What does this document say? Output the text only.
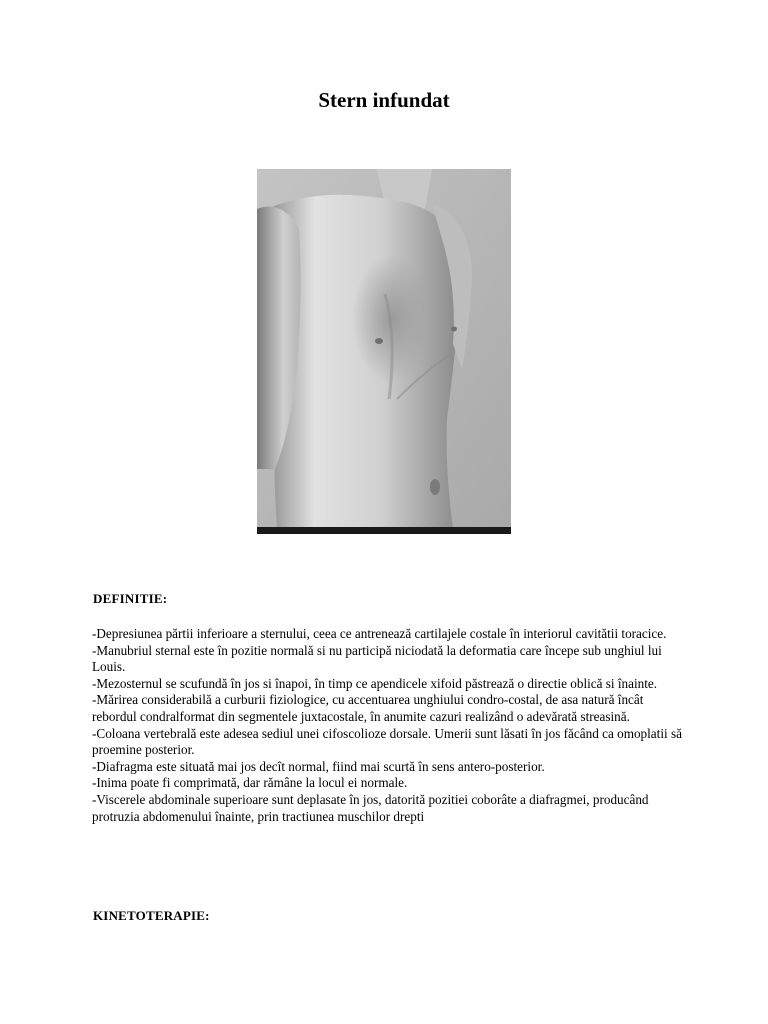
Stern infundat
DEFINITIE:

-Depresiunea părtii inferioare a sternului, ceea ce antrenează cartilajele costale în interiorul cavitătii toracice.

-Manubriul sternal este în pozitie normală si nu participă niciodată la deformatia care începe sub unghiul lui Louis.

-Mezosternul se scufundă în jos si înapoi, în timp ce apendicele xifoid păstrează o directie oblică si înainte.

-Mărirea considerabilă a curburii fiziologice, cu accentuarea unghiului condro-costal, de asa natură încât rebordul condralformat din segmentele juxtacostale, în anumite cazuri realizând o adevărată streasină.

-Coloana vertebrală este adesea sediul unei cifoscolioze dorsale. Umerii sunt lăsati în jos făcând ca omoplatii să proemine posterior.

-Diafragma este situată mai jos decît normal, fiind mai scurtă în sens antero-posterior.

-Inima poate fi comprimată, dar rămâne la locul ei normale.

-Viscerele abdominale superioare sunt deplasate în jos, datorită pozitiei coborâte a diafragmei, producând protruzia abdomenului înainte, prin tractiunea muschilor drepti

KINETOTERAPIE:
